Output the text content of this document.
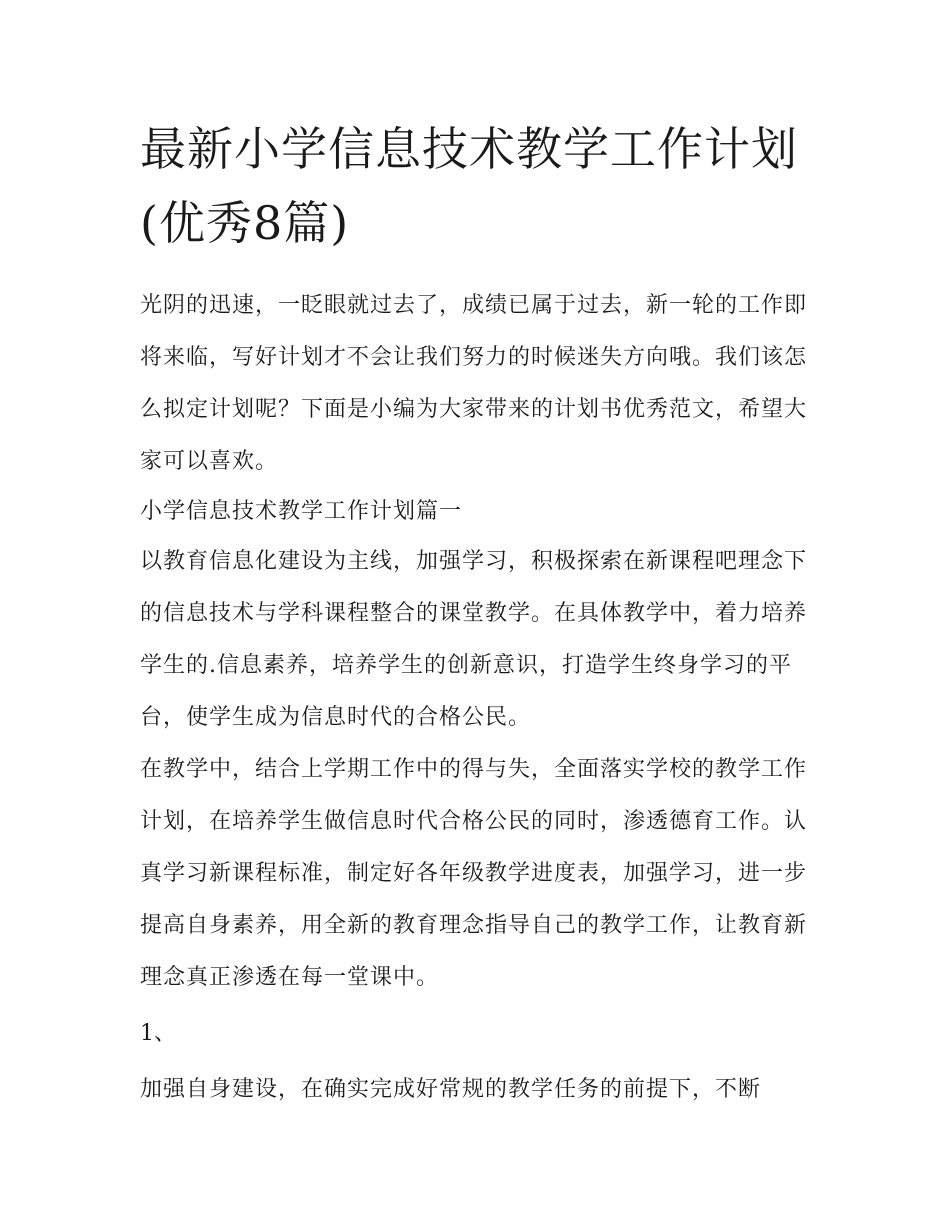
最新小学信息技术教学工作计划(优秀8篇)

光阴的迅速，一眨眼就过去了，成绩已属于过去，新一轮的工作即将来临，写好计划才不会让我们努力的时候迷失方向哦。我们该怎么拟定计划呢？下面是小编为大家带来的计划书优秀范文，希望大家可以喜欢。

小学信息技术教学工作计划篇一

以教育信息化建设为主线，加强学习，积极探索在新课程吧理念下的信息技术与学科课程整合的课堂教学。在具体教学中，着力培养学生的.信息素养，培养学生的创新意识，打造学生终身学习的平台，使学生成为信息时代的合格公民。

在教学中，结合上学期工作中的得与失，全面落实学校的教学工作计划，在培养学生做信息时代合格公民的同时，渗透德育工作。认真学习新课程标准，制定好各年级教学进度表，加强学习，进一步提高自身素养，用全新的教育理念指导自己的教学工作，让教育新理念真正渗透在每一堂课中。

1、

加强自身建设，在确实完成好常规的教学任务的前提下，不断
